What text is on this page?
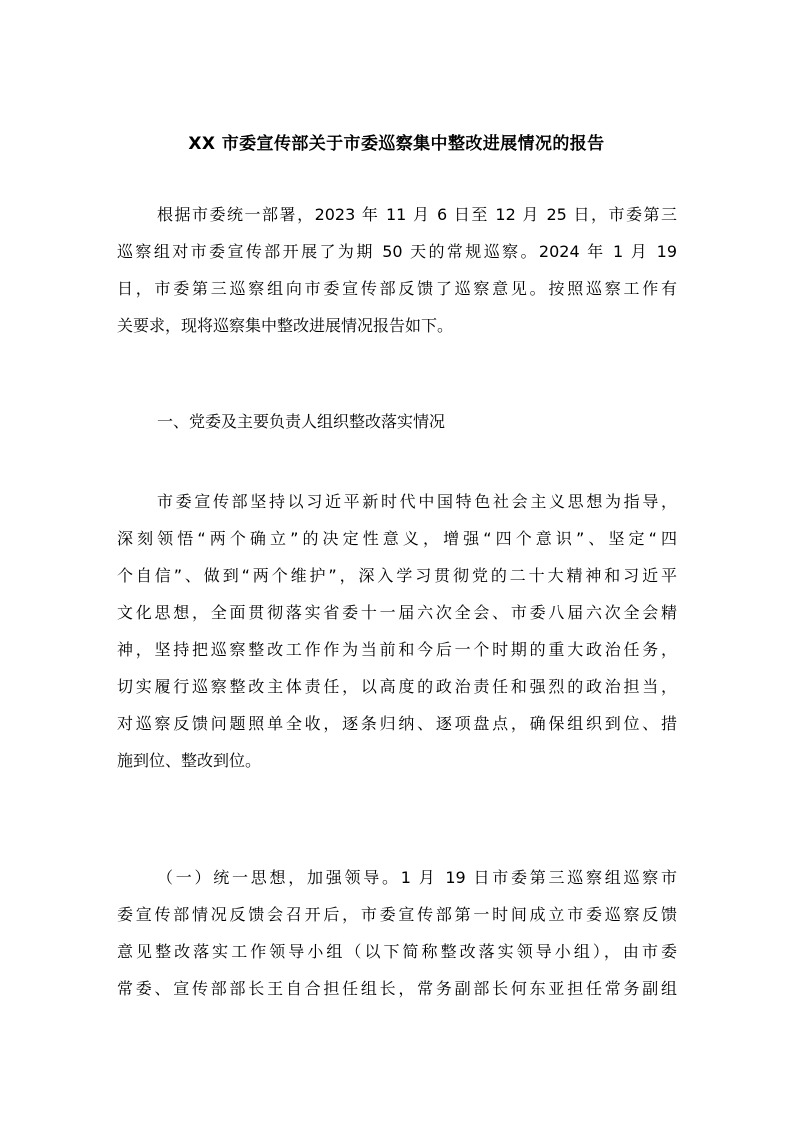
XX 市委宣传部关于市委巡察集中整改进展情况的报告
根据市委统一部署，2023 年 11 月 6 日至 12 月 25 日，市委第三
巡察组对市委宣传部开展了为期 50 天的常规巡察。2024 年 1 月 19
日，市委第三巡察组向市委宣传部反馈了巡察意见。按照巡察工作有
关要求，现将巡察集中整改进展情况报告如下。
一、党委及主要负责人组织整改落实情况
市委宣传部坚持以习近平新时代中国特色社会主义思想为指导，
深刻领悟“两个确立”的决定性意义，增强“四个意识”、坚定“四
个自信”、做到“两个维护”，深入学习贯彻党的二十大精神和习近平
文化思想，全面贯彻落实省委十一届六次全会、市委八届六次全会精
神，坚持把巡察整改工作作为当前和今后一个时期的重大政治任务，
切实履行巡察整改主体责任，以高度的政治责任和强烈的政治担当，
对巡察反馈问题照单全收，逐条归纳、逐项盘点，确保组织到位、措
施到位、整改到位。
（一）统一思想，加强领导。1 月 19 日市委第三巡察组巡察市
委宣传部情况反馈会召开后，市委宣传部第一时间成立市委巡察反馈
意见整改落实工作领导小组（以下简称整改落实领导小组），由市委
常委、宣传部部长王自合担任组长，常务副部长何东亚担任常务副组
